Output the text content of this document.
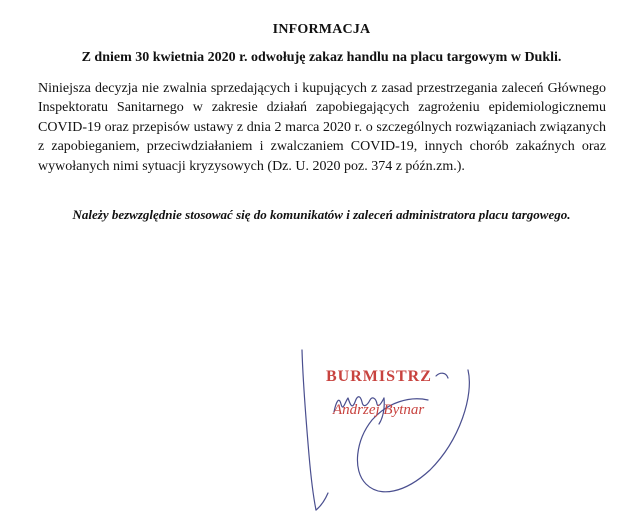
INFORMACJA
Z dniem 30 kwietnia 2020 r. odwołuję zakaz handlu na placu targowym w Dukli.
Niniejsza decyzja nie zwalnia sprzedających i kupujących z zasad przestrzegania zaleceń Głównego Inspektoratu Sanitarnego w zakresie działań zapobiegających zagrożeniu epidemiologicznemu COVID-19 oraz przepisów ustawy z dnia 2 marca 2020 r. o szczególnych rozwiązaniach związanych z zapobieganiem, przeciwdziałaniem i zwalczaniem COVID-19, innych chorób zakaźnych oraz wywołanych nimi sytuacji kryzysowych (Dz. U. 2020 poz. 374 z późn.zm.).
Należy bezwzględnie stosować się do komunikatów i zaleceń administratora placu targowego.
BURMISTRZ
Andrzej Bytnar
